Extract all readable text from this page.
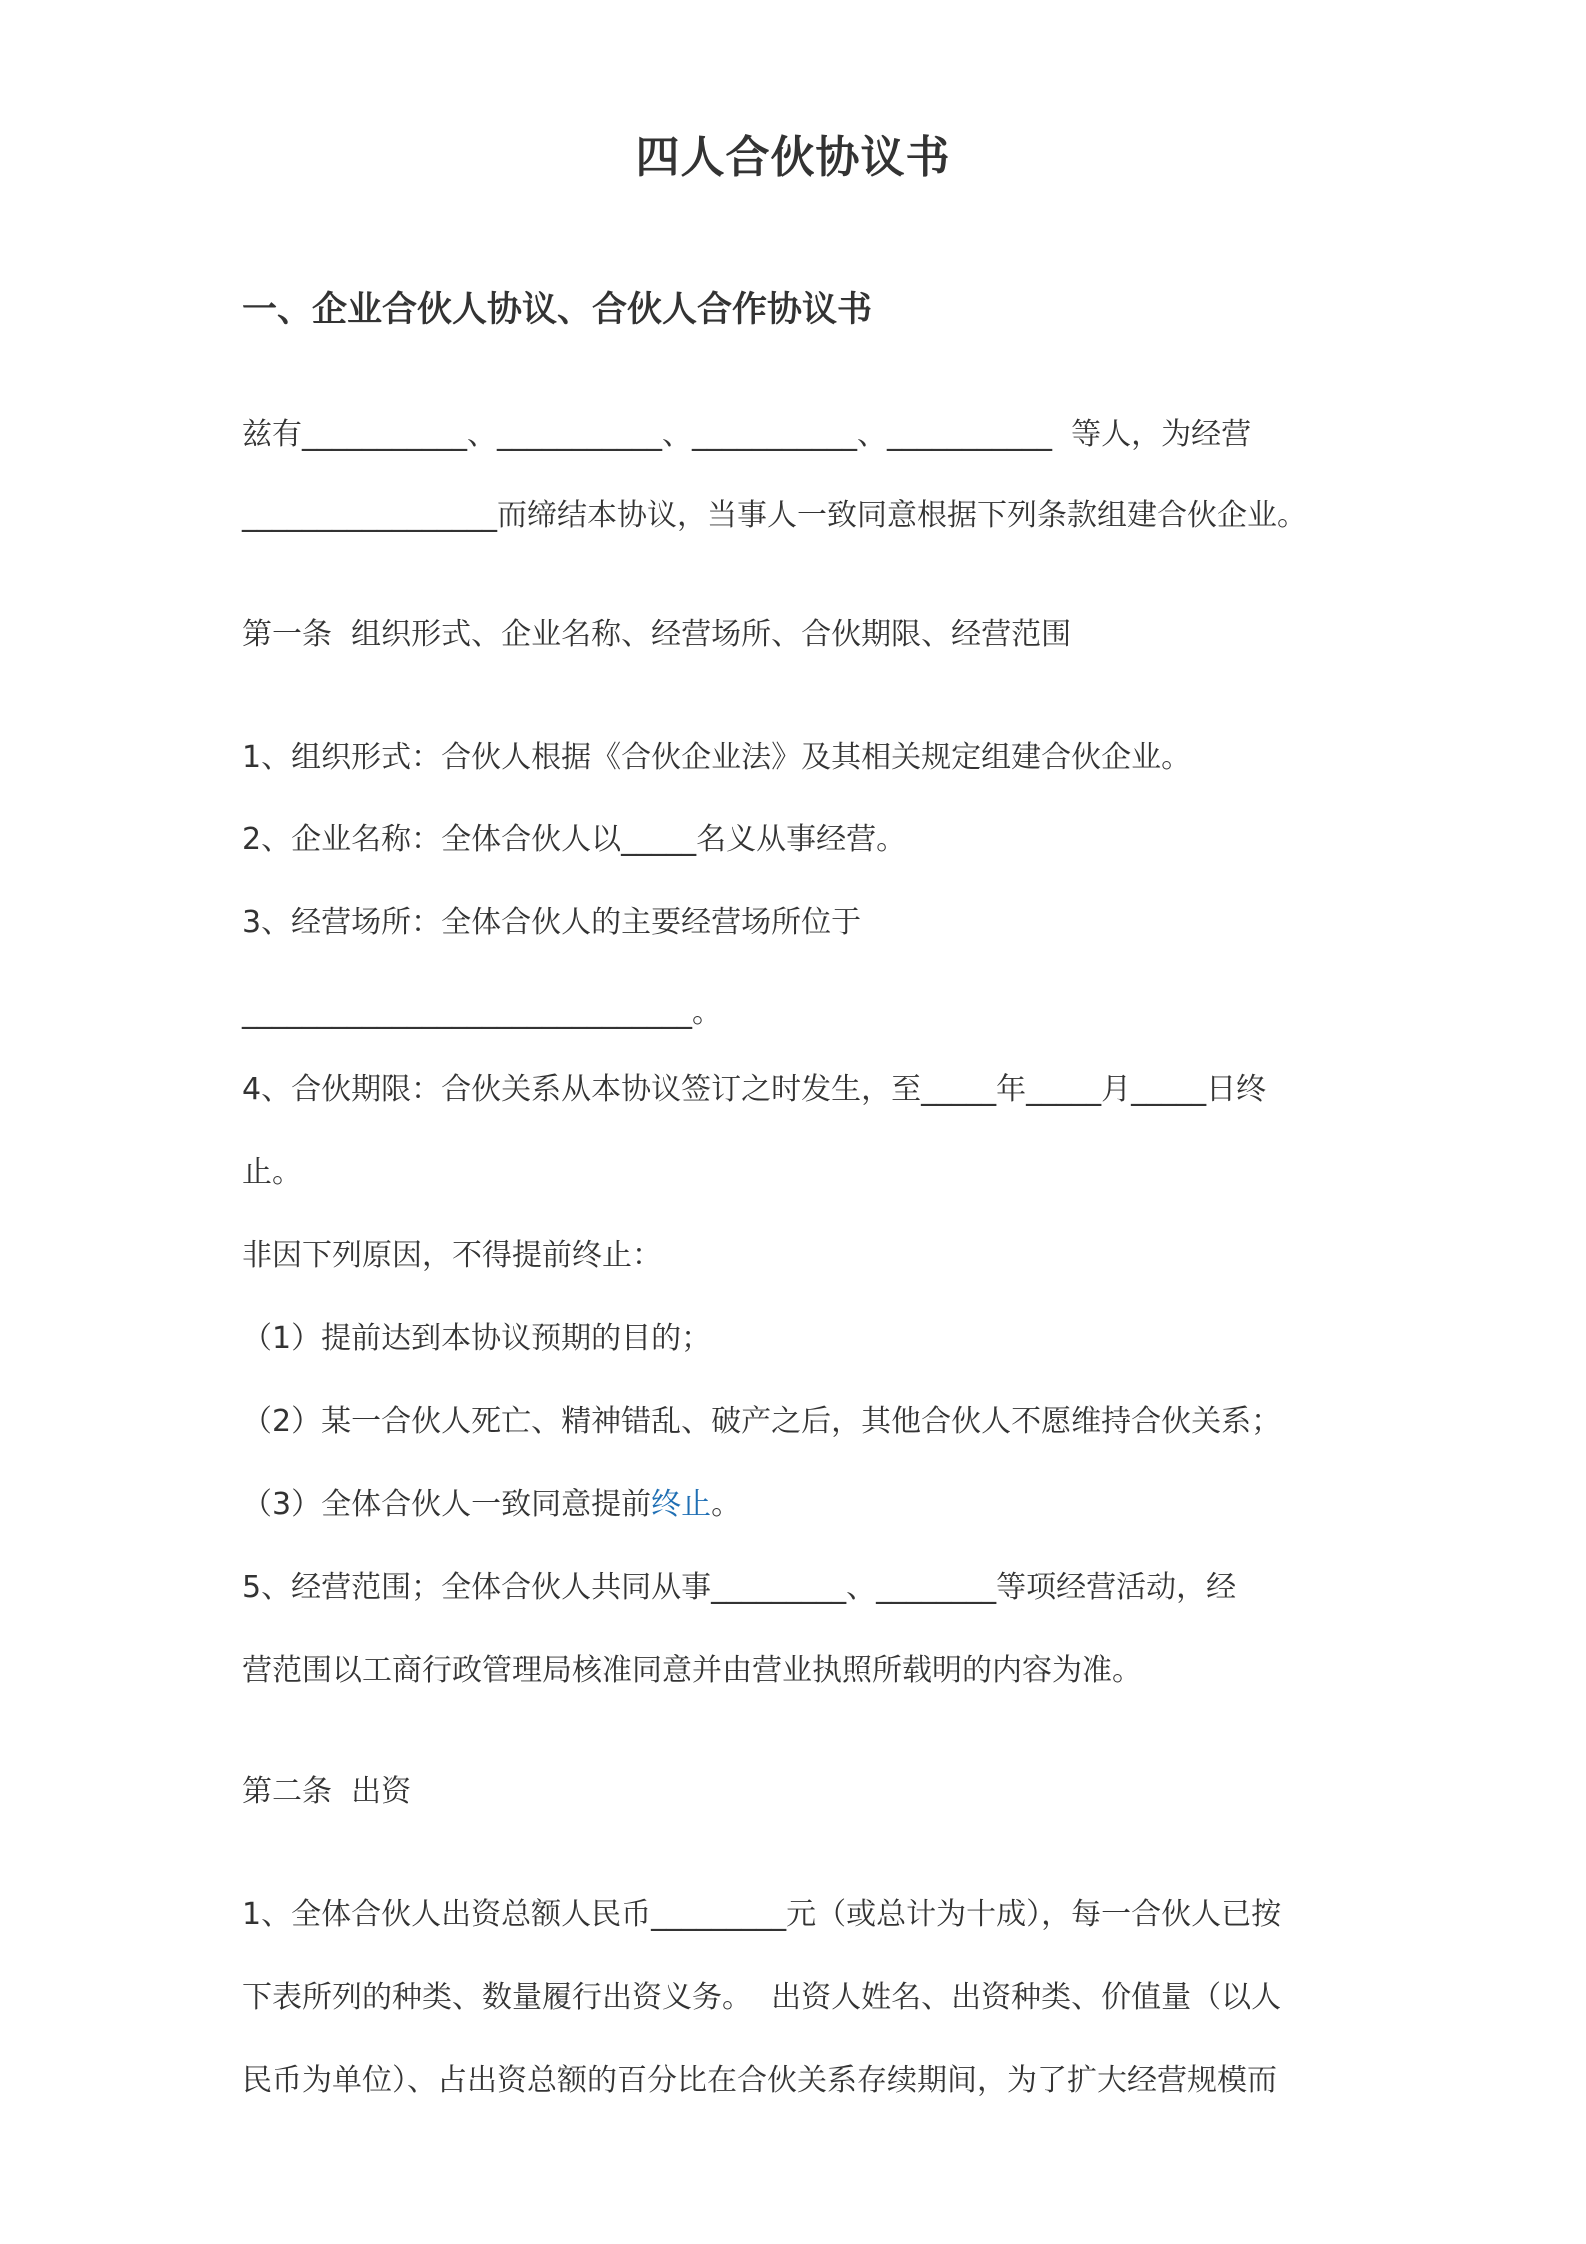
四人合伙协议书
一、企业合伙人协议、合伙人合作协议书
兹有___________、___________、___________、___________  等人，为经营
_________________而缔结本协议，当事人一致同意根据下列条款组建合伙企业。
第一条  组织形式、企业名称、经营场所、合伙期限、经营范围
1、组织形式：合伙人根据《合伙企业法》及其相关规定组建合伙企业。
2、企业名称：全体合伙人以_____名义从事经营。
3、经营场所：全体合伙人的主要经营场所位于
______________________________。
4、合伙期限：合伙关系从本协议签订之时发生，至_____年_____月_____日终
止。
非因下列原因，不得提前终止：
（1）提前达到本协议预期的目的；
（2）某一合伙人死亡、精神错乱、破产之后，其他合伙人不愿维持合伙关系；
（3）全体合伙人一致同意提前终止。
5、经营范围；全体合伙人共同从事_________、________等项经营活动，经
营范围以工商行政管理局核准同意并由营业执照所载明的内容为准。
第二条  出资
1、全体合伙人出资总额人民币_________元（或总计为十成），每一合伙人已按
下表所列的种类、数量履行出资义务。  出资人姓名、出资种类、价值量（以人
民币为单位）、占出资总额的百分比在合伙关系存续期间，为了扩大经营规模而
